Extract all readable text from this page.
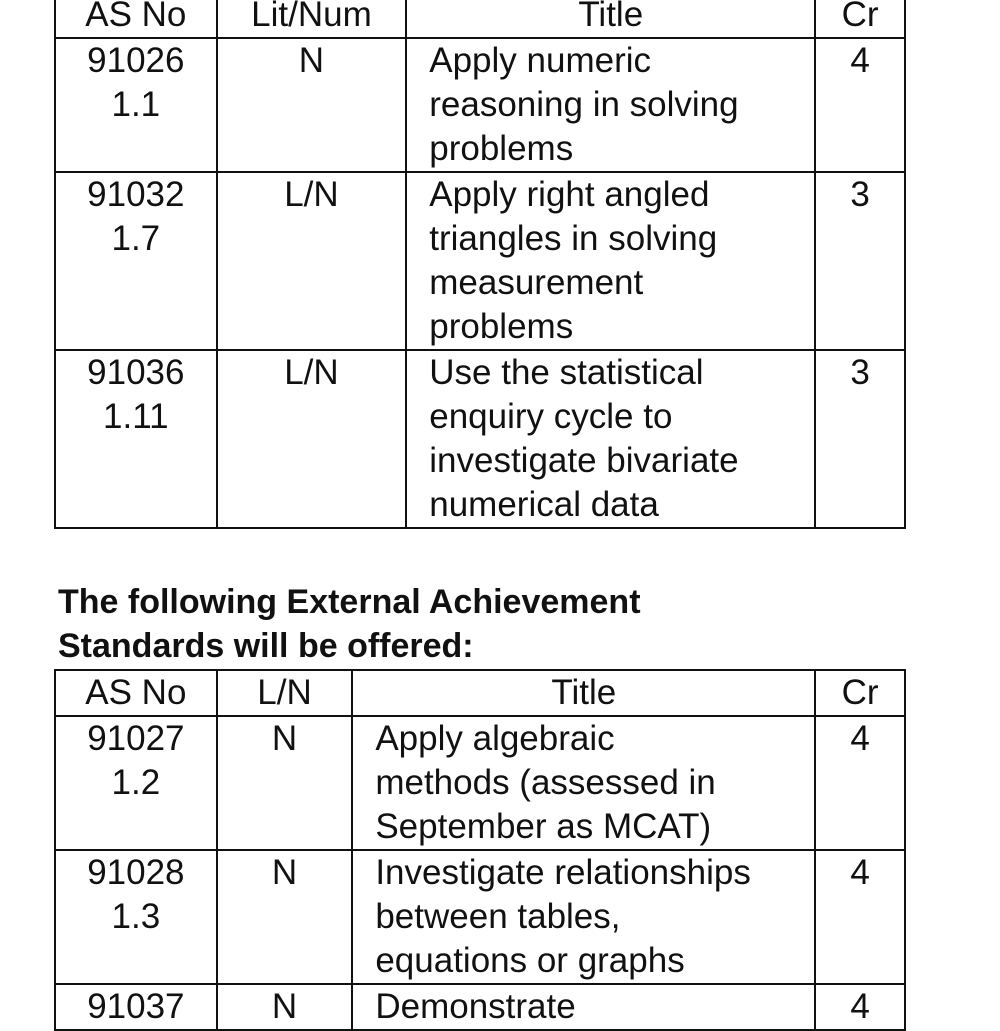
AS No	Lit/Num	Title	Cr

91026
1.1	N	Apply numeric
reasoning in solving
problems	4

91032
1.7	L/N	Apply right angled
triangles in solving
measurement
problems	3

91036
1.11	L/N	Use the statistical
enquiry cycle to
investigate bivariate
numerical data	3
The following External Achievement
Standards will be offered:
AS No	L/N	Title	Cr

91027
1.2	N	Apply algebraic
methods (assessed in
September as MCAT)	4

91028
1.3	N	Investigate relationships
between tables,
equations or graphs	4

91037	N	Demonstrate	4
